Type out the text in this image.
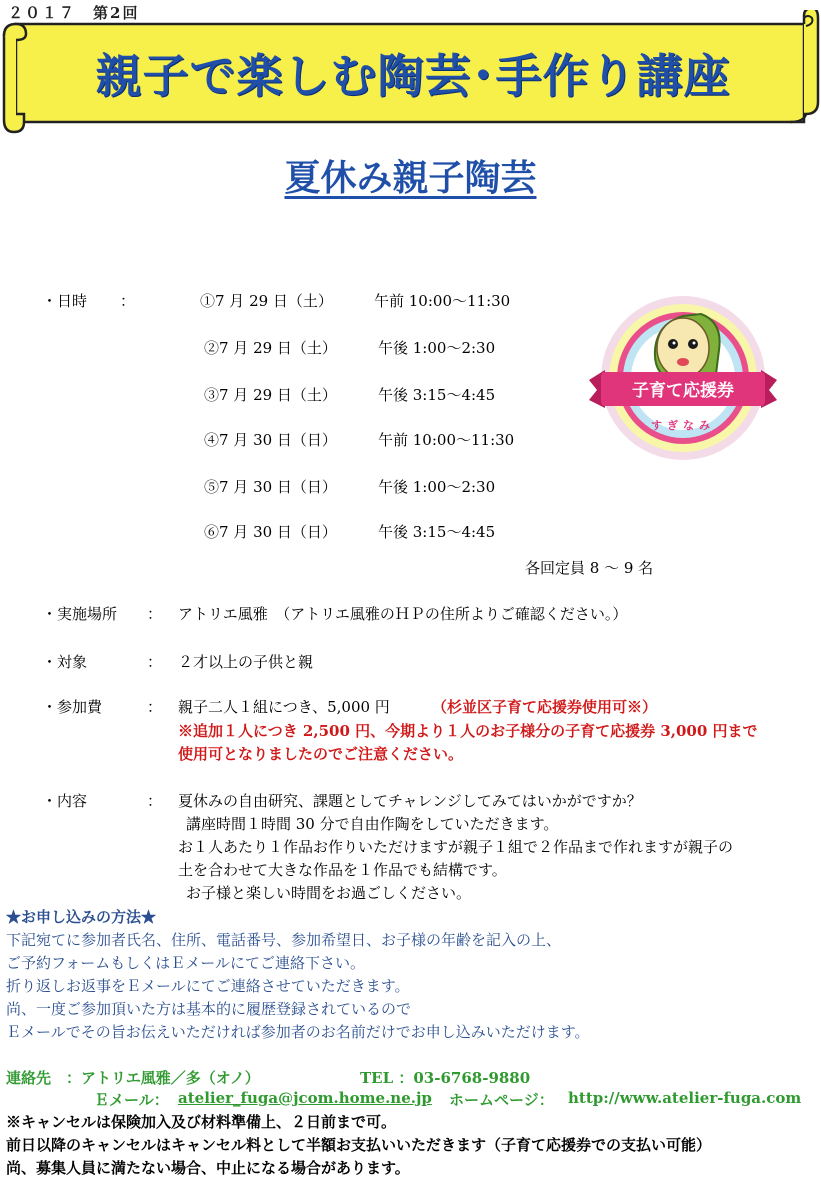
２０１７　第2回
親子で楽しむ陶芸･手作り講座
夏休み親子陶芸
・日時 ：	①7 月 29 日（土）	午前 10:00～11:30
②7 月 29 日（土）	午後 1:00～2:30
③7 月 29 日（土）	午後 3:15～4:45
④7 月 30 日（日）	午前 10:00～11:30
⑤7 月 30 日（日）	午後 1:00～2:30
⑥7 月 30 日（日）	午後 3:15～4:45
各回定員 8 ～ 9 名
子育て応援券
すぎなみ
・実施場所 ： アトリエ風雅　（アトリエ風雅のＨＰの住所よりご確認ください。）
・対象	： ２才以上の子供と親
・参加費	： 親子二人１組につき、5,000 円	（杉並区子育て応援券使用可※）
※追加１人につき 2,500 円、今期より１人のお子様分の子育て応援券 3,000 円まで
使用可となりましたのでご注意ください。
・内容	： 夏休みの自由研究、課題としてチャレンジしてみてはいかがですか？
講座時間１時間 30 分で自由作陶をしていただきます。
お１人あたり１作品お作りいただけますが親子１組で２作品まで作れますが親子の
土を合わせて大きな作品を１作品でも結構です。
お子様と楽しい時間をお過ごしください。
★お申し込みの方法★
下記宛てに参加者氏名、住所、電話番号、参加希望日、お子様の年齢を記入の上、
ご予約フォームもしくはＥメールにてご連絡下さい。
折り返しお返事をＥメールにてご連絡させていただきます。
尚、一度ご参加頂いた方は基本的に履歴登録されているので
Ｅメールでその旨お伝えいただければ参加者のお名前だけでお申し込みいただけます。
連絡先　：アトリエ風雅／多（オノ）	TEL ：03-6768-9880
Ｅメール： atelier_fuga@jcom.home.ne.jp ホームページ： http://www.atelier-fuga.com
※キャンセルは保険加入及び材料準備上、２日前まで可。
前日以降のキャンセルはキャンセル料として半額お支払いいただきます（子育て応援券での支払い可能）
尚、募集人員に満たない場合、中止になる場合があります。
